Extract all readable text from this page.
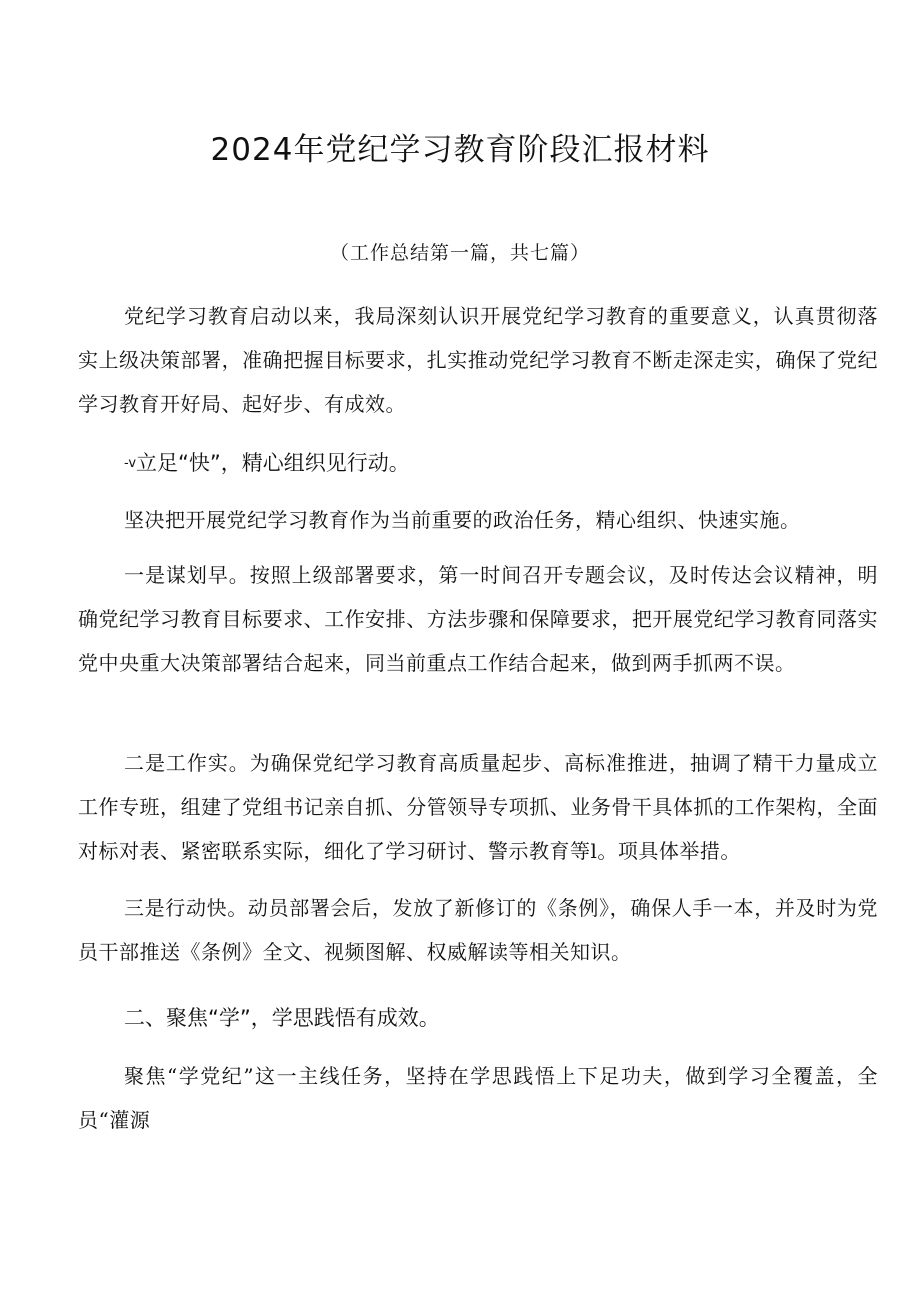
2024年党纪学习教育阶段汇报材料

（工作总结第一篇，共七篇）

党纪学习教育启动以来，我局深刻认识开展党纪学习教育的重要意义，认真贯彻落实上级决策部署，准确把握目标要求，扎实推动党纪学习教育不断走深走实，确保了党纪学习教育开好局、起好步、有成效。

-v立足“快”，精心组织见行动。

坚决把开展党纪学习教育作为当前重要的政治任务，精心组织、快速实施。

一是谋划早。按照上级部署要求，第一时间召开专题会议，及时传达会议精神，明确党纪学习教育目标要求、工作安排、方法步骤和保障要求，把开展党纪学习教育同落实党中央重大决策部署结合起来，同当前重点工作结合起来，做到两手抓两不误。

二是工作实。为确保党纪学习教育高质量起步、高标准推进，抽调了精干力量成立工作专班，组建了党组书记亲自抓、分管领导专项抓、业务骨干具体抓的工作架构，全面对标对表、紧密联系实际，细化了学习研讨、警示教育等l。项具体举措。

三是行动快。动员部署会后，发放了新修订的《条例》，确保人手一本，并及时为党员干部推送《条例》全文、视频图解、权威解读等相关知识。

二、聚焦“学”，学思践悟有成效。

聚焦“学党纪”这一主线任务，坚持在学思践悟上下足功夫，做到学习全覆盖，全员“灌源
